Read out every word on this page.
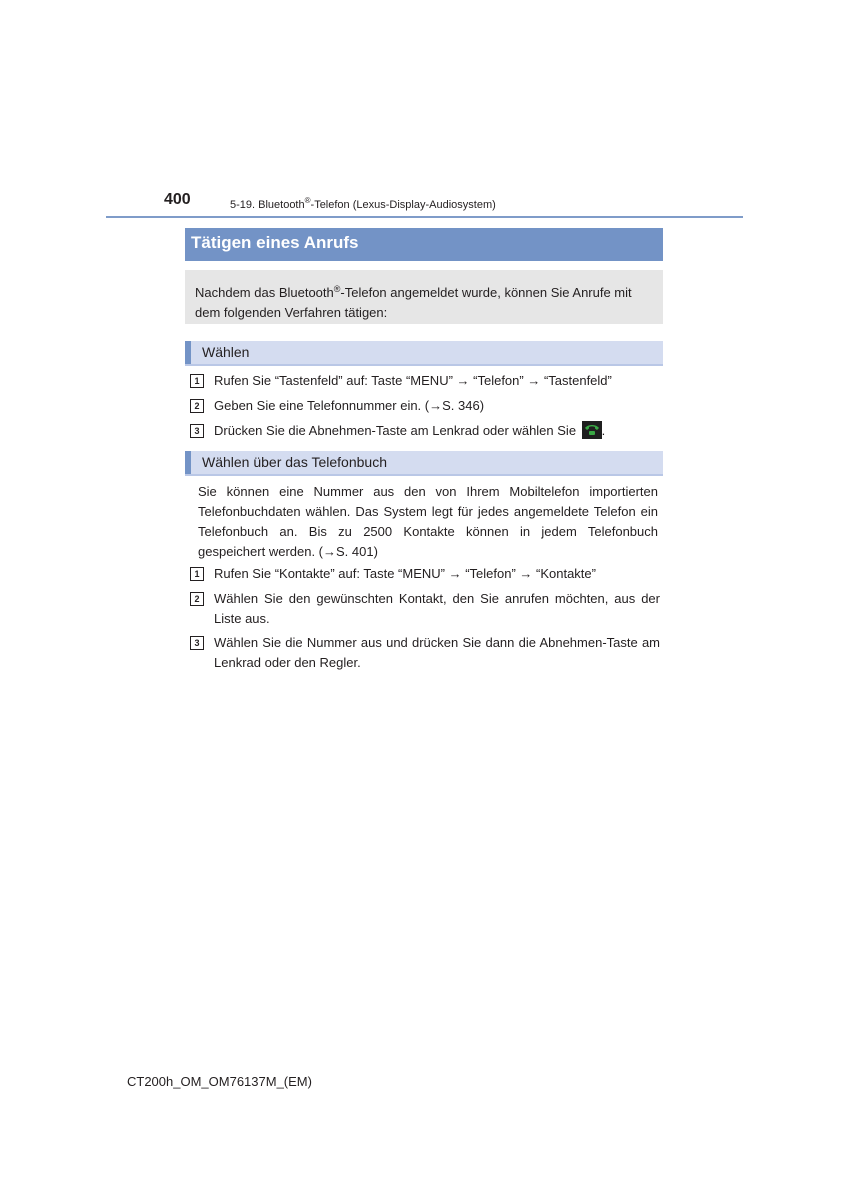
400	5-19. Bluetooth®-Telefon (Lexus-Display-Audiosystem)
Tätigen eines Anrufs
Nachdem das Bluetooth®-Telefon angemeldet wurde, können Sie Anrufe mit dem folgenden Verfahren tätigen:
Wählen
1	Rufen Sie “Tastenfeld” auf: Taste “MENU” → “Telefon” → “Tastenfeld”
2	Geben Sie eine Telefonnummer ein. (→S. 346)
3	Drücken Sie die Abnehmen-Taste am Lenkrad oder wählen Sie .
Wählen über das Telefonbuch
Sie können eine Nummer aus den von Ihrem Mobiltelefon importierten Telefonbuchdaten wählen. Das System legt für jedes angemeldete Telefon ein Telefonbuch an. Bis zu 2500 Kontakte können in jedem Telefonbuch gespeichert werden. (→S. 401)
1	Rufen Sie “Kontakte” auf: Taste “MENU” → “Telefon” → “Kontakte”
2	Wählen Sie den gewünschten Kontakt, den Sie anrufen möchten, aus der Liste aus.
3	Wählen Sie die Nummer aus und drücken Sie dann die Abnehmen-Taste am Lenkrad oder den Regler.
CT200h_OM_OM76137M_(EM)
